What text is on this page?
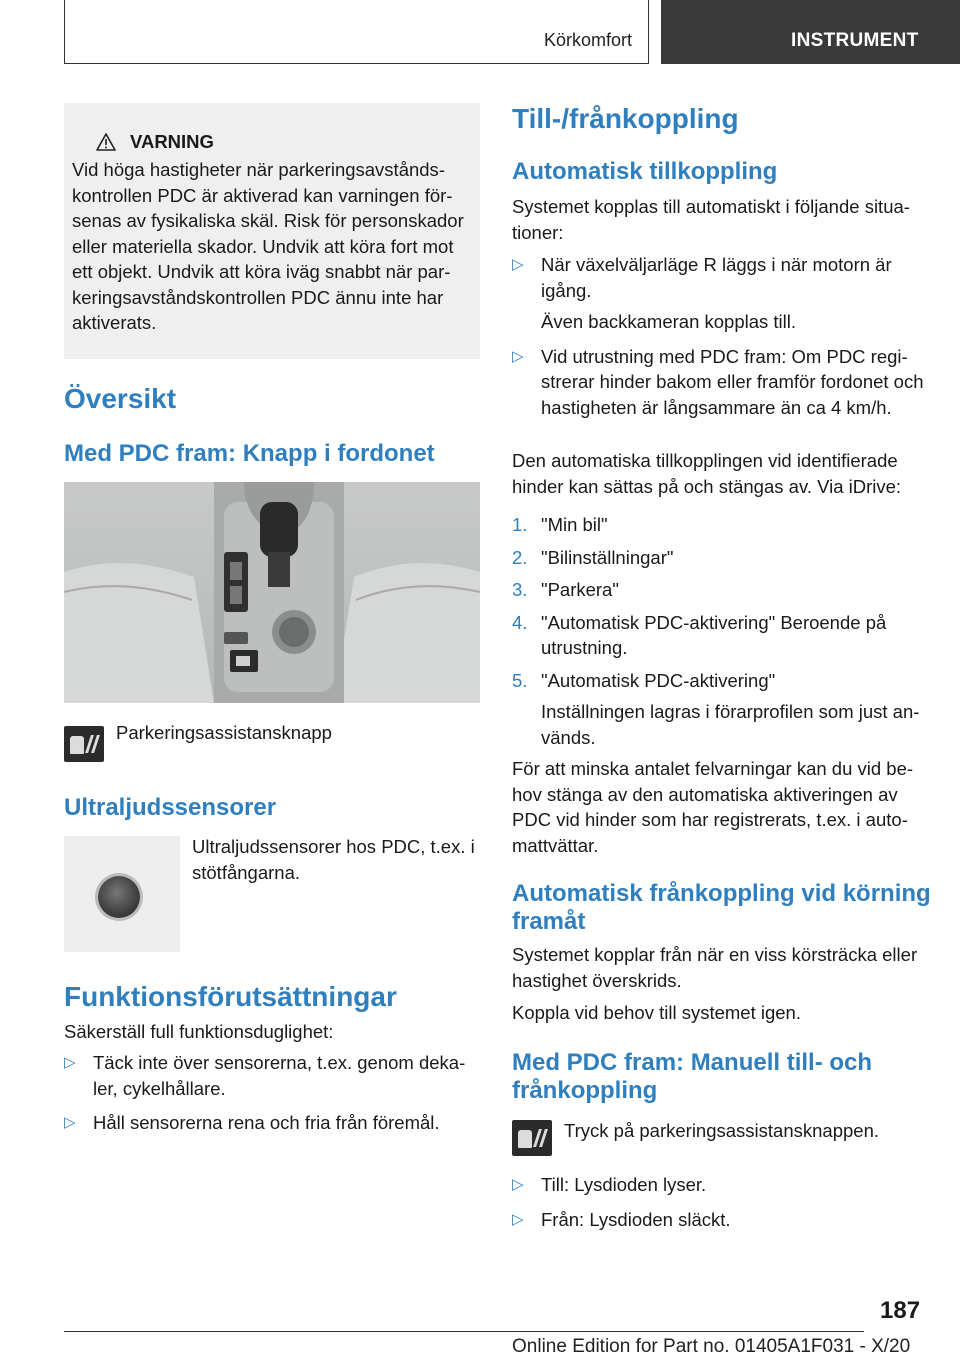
Körkomfort	INSTRUMENT
VARNING

Vid höga hastigheter när parkeringsavståndskontrollen PDC är aktiverad kan varningen försenas av fysikaliska skäl. Risk för personskador eller materiella skador. Undvik att köra fort mot ett objekt. Undvik att köra iväg snabbt när parkeringsavståndskontrollen PDC ännu inte har aktiverats.

Översikt
Med PDC fram: Knapp i fordonet

Parkeringsassistansknapp

Ultraljudssensorer

Ultraljudssensorer hos PDC, t.ex. i stötfångarna.

Funktionsförutsättningar

Säkerställ full funktionsduglighet:

▷ Täck inte över sensorerna, t.ex. genom dekaler, cykelhållare.
▷ Håll sensorerna rena och fria från föremål.
Till-/frånkoppling
Automatisk tillkoppling

Systemet kopplas till automatiskt i följande situationer:

▷ När växelväljarläge R läggs i när motorn är igång.
Även backkameran kopplas till.
▷ Vid utrustning med PDC fram: Om PDC registrerar hinder bakom eller framför fordonet och hastigheten är långsammare än ca 4 km/h.

Den automatiska tillkopplingen vid identifierade hinder kan sättas på och stängas av. Via iDrive:

1. "Min bil"
2. "Bilinställningar"
3. "Parkera"
4. "Automatisk PDC-aktivering" Beroende på utrustning.
5. "Automatisk PDC-aktivering"
Inställningen lagras i förarprofilen som just används.

För att minska antalet felvarningar kan du vid behov stänga av den automatiska aktiveringen av PDC vid hinder som har registrerats, t.ex. i automattvättar.

Automatisk frånkoppling vid körning framåt

Systemet kopplar från när en viss körsträcka eller hastighet överskrids.

Koppla vid behov till systemet igen.

Med PDC fram: Manuell till- och frånkoppling

Tryck på parkeringsassistansknappen.

▷ Till: Lysdioden lyser.
▷ Från: Lysdioden släckt.
187
Online Edition for Part no. 01405A1F031 - X/20
